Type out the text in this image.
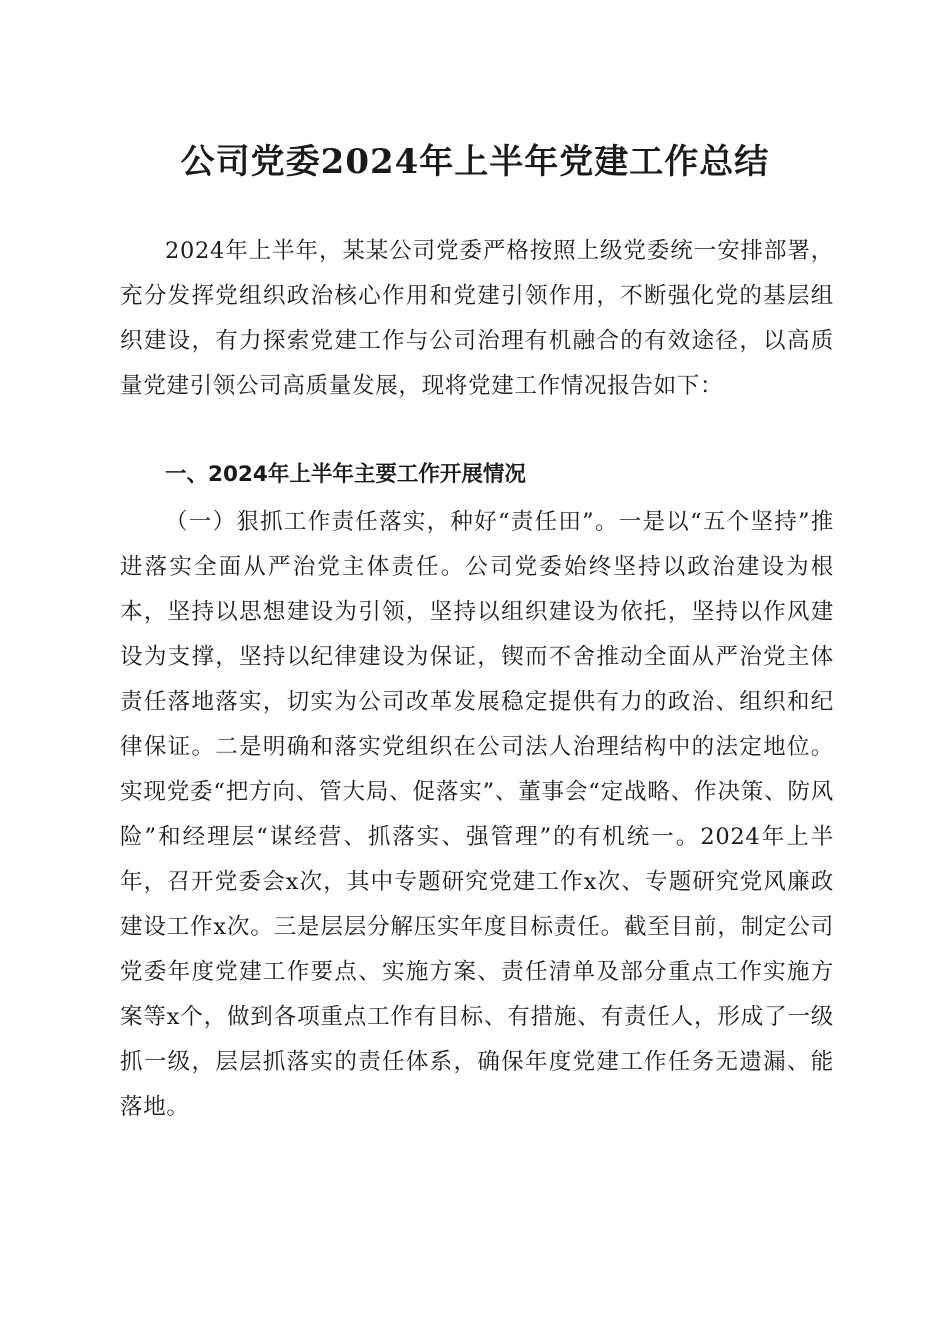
公司党委2024年上半年党建工作总结

2024年上半年，某某公司党委严格按照上级党委统一安排部署，充分发挥党组织政治核心作用和党建引领作用，不断强化党的基层组织建设，有力探索党建工作与公司治理有机融合的有效途径，以高质量党建引领公司高质量发展，现将党建工作情况报告如下：

一、2024年上半年主要工作开展情况

（一）狠抓工作责任落实，种好“责任田”。一是以“五个坚持”推进落实全面从严治党主体责任。公司党委始终坚持以政治建设为根本，坚持以思想建设为引领，坚持以组织建设为依托，坚持以作风建设为支撑，坚持以纪律建设为保证，锲而不舍推动全面从严治党主体责任落地落实，切实为公司改革发展稳定提供有力的政治、组织和纪律保证。二是明确和落实党组织在公司法人治理结构中的法定地位。实现党委“把方向、管大局、促落实”、董事会“定战略、作决策、防风险”和经理层“谋经营、抓落实、强管理”的有机统一。2024年上半年，召开党委会x次，其中专题研究党建工作x次、专题研究党风廉政建设工作x次。三是层层分解压实年度目标责任。截至目前，制定公司党委年度党建工作要点、实施方案、责任清单及部分重点工作实施方案等x个，做到各项重点工作有目标、有措施、有责任人，形成了一级抓一级，层层抓落实的责任体系，确保年度党建工作任务无遗漏、能落地。
